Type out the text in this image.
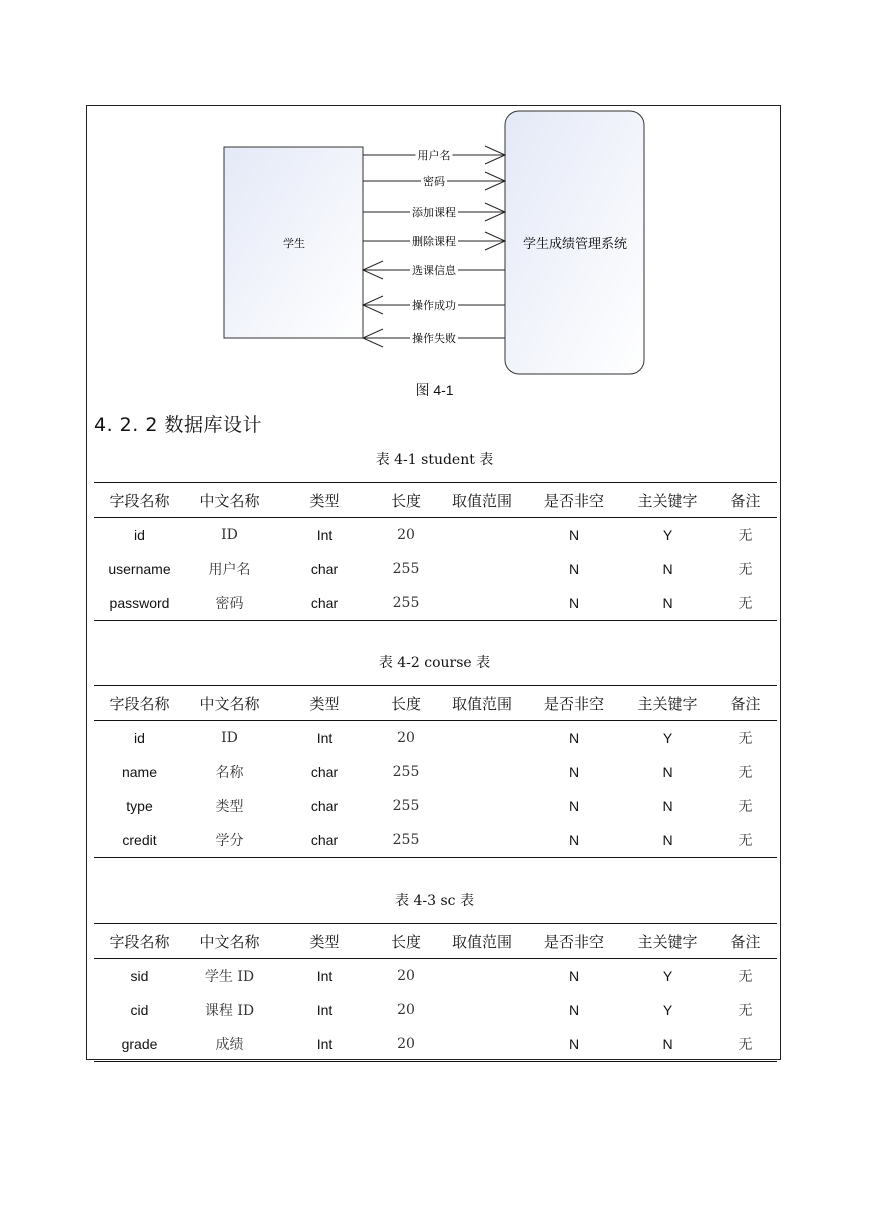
学生	学生成绩管理系统
用户名
密码
添加课程
删除课程
选课信息
操作成功
操作失败
图 4-1
4. 2. 2 数据库设计
表 4-1 student 表
字段名称	中文名称	类型	长度	取值范围	是否非空	主关键字	备注
id	ID	Int	20		N	Y	无
username	用户名	char	255		N	N	无
password	密码	char	255		N	N	无
表 4-2 course 表
字段名称	中文名称	类型	长度	取值范围	是否非空	主关键字	备注
id	ID	Int	20		N	Y	无
name	名称	char	255		N	N	无
type	类型	char	255		N	N	无
credit	学分	char	255		N	N	无
表 4-3 sc 表
字段名称	中文名称	类型	长度	取值范围	是否非空	主关键字	备注
sid	学生 ID	Int	20		N	Y	无
cid	课程 ID	Int	20		N	Y	无
grade	成绩	Int	20		N	N	无
